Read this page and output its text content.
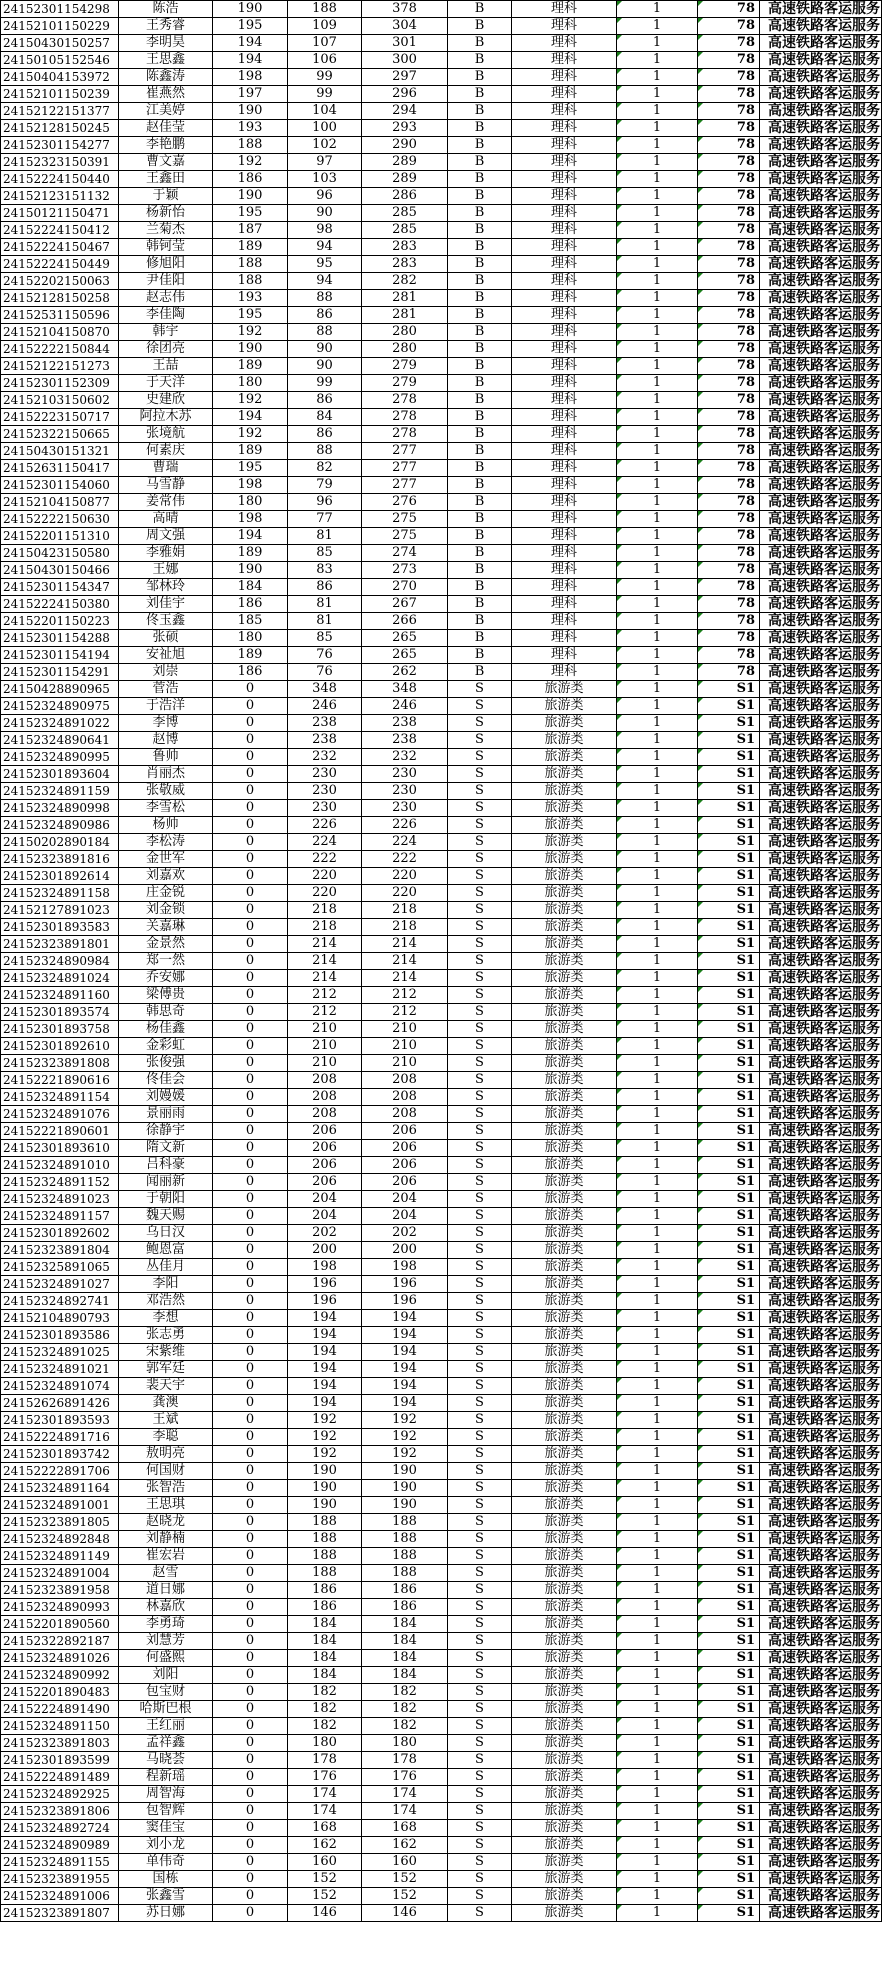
24152301154298	陈浩	190	188	378	B	理科	1	78	高速铁路客运服务
24152101150229	王秀睿	195	109	304	B	理科	1	78	高速铁路客运服务
24150430150257	李明昊	194	107	301	B	理科	1	78	高速铁路客运服务
24150105152546	王思鑫	194	106	300	B	理科	1	78	高速铁路客运服务
24150404153972	陈鑫涛	198	99	297	B	理科	1	78	高速铁路客运服务
24152101150239	崔燕然	197	99	296	B	理科	1	78	高速铁路客运服务
24152122151377	江美婷	190	104	294	B	理科	1	78	高速铁路客运服务
24152128150245	赵佳莹	193	100	293	B	理科	1	78	高速铁路客运服务
24152301154277	李艳鹏	188	102	290	B	理科	1	78	高速铁路客运服务
24152323150391	曹文嘉	192	97	289	B	理科	1	78	高速铁路客运服务
24152224150440	王鑫田	186	103	289	B	理科	1	78	高速铁路客运服务
24152123151132	于颖	190	96	286	B	理科	1	78	高速铁路客运服务
24150121150471	杨新怡	195	90	285	B	理科	1	78	高速铁路客运服务
24152224150412	兰菊杰	187	98	285	B	理科	1	78	高速铁路客运服务
24152224150467	韩钶莹	189	94	283	B	理科	1	78	高速铁路客运服务
24152224150449	修旭阳	188	95	283	B	理科	1	78	高速铁路客运服务
24152202150063	尹佳阳	188	94	282	B	理科	1	78	高速铁路客运服务
24152128150258	赵志伟	193	88	281	B	理科	1	78	高速铁路客运服务
24152531150596	李佳陶	195	86	281	B	理科	1	78	高速铁路客运服务
24152104150870	韩宇	192	88	280	B	理科	1	78	高速铁路客运服务
24152222150844	徐团亮	190	90	280	B	理科	1	78	高速铁路客运服务
24152122151273	王喆	189	90	279	B	理科	1	78	高速铁路客运服务
24152301152309	于天洋	180	99	279	B	理科	1	78	高速铁路客运服务
24152103150602	史建欣	192	86	278	B	理科	1	78	高速铁路客运服务
24152223150717	阿拉木苏	194	84	278	B	理科	1	78	高速铁路客运服务
24152322150665	张境航	192	86	278	B	理科	1	78	高速铁路客运服务
24150430151321	何素庆	189	88	277	B	理科	1	78	高速铁路客运服务
24152631150417	曹瑞	195	82	277	B	理科	1	78	高速铁路客运服务
24152301154060	马雪静	198	79	277	B	理科	1	78	高速铁路客运服务
24152104150877	姜常伟	180	96	276	B	理科	1	78	高速铁路客运服务
24152222150630	高晴	198	77	275	B	理科	1	78	高速铁路客运服务
24152201151310	周文强	194	81	275	B	理科	1	78	高速铁路客运服务
24150423150580	李雅娟	189	85	274	B	理科	1	78	高速铁路客运服务
24150430150466	王娜	190	83	273	B	理科	1	78	高速铁路客运服务
24152301154347	邹林玲	184	86	270	B	理科	1	78	高速铁路客运服务
24152224150380	刘佳宇	186	81	267	B	理科	1	78	高速铁路客运服务
24152201150223	佟玉鑫	185	81	266	B	理科	1	78	高速铁路客运服务
24152301154288	张硕	180	85	265	B	理科	1	78	高速铁路客运服务
24152301154194	安祉旭	189	76	265	B	理科	1	78	高速铁路客运服务
24152301154291	刘崇	186	76	262	B	理科	1	78	高速铁路客运服务
24150428890965	菅浩	0	348	348	S	旅游类	1	S1	高速铁路客运服务
24152324890975	于浩洋	0	246	246	S	旅游类	1	S1	高速铁路客运服务
24152324891022	李博	0	238	238	S	旅游类	1	S1	高速铁路客运服务
24152324890641	赵博	0	238	238	S	旅游类	1	S1	高速铁路客运服务
24152324890995	鲁帅	0	232	232	S	旅游类	1	S1	高速铁路客运服务
24152301893604	肖丽杰	0	230	230	S	旅游类	1	S1	高速铁路客运服务
24152324891159	张敬威	0	230	230	S	旅游类	1	S1	高速铁路客运服务
24152324890998	李雪松	0	230	230	S	旅游类	1	S1	高速铁路客运服务
24152324890986	杨帅	0	226	226	S	旅游类	1	S1	高速铁路客运服务
24150202890184	李松涛	0	224	224	S	旅游类	1	S1	高速铁路客运服务
24152323891816	金世军	0	222	222	S	旅游类	1	S1	高速铁路客运服务
24152301892614	刘嘉欢	0	220	220	S	旅游类	1	S1	高速铁路客运服务
24152324891158	庄金锐	0	220	220	S	旅游类	1	S1	高速铁路客运服务
24152127891023	刘金锁	0	218	218	S	旅游类	1	S1	高速铁路客运服务
24152301893583	关嘉琳	0	218	218	S	旅游类	1	S1	高速铁路客运服务
24152323891801	金景然	0	214	214	S	旅游类	1	S1	高速铁路客运服务
24152324890984	郑一然	0	214	214	S	旅游类	1	S1	高速铁路客运服务
24152324891024	乔安娜	0	214	214	S	旅游类	1	S1	高速铁路客运服务
24152324891160	梁傅贵	0	212	212	S	旅游类	1	S1	高速铁路客运服务
24152301893574	韩思奇	0	212	212	S	旅游类	1	S1	高速铁路客运服务
24152301893758	杨佳鑫	0	210	210	S	旅游类	1	S1	高速铁路客运服务
24152301892610	金彩虹	0	210	210	S	旅游类	1	S1	高速铁路客运服务
24152323891808	张俊强	0	210	210	S	旅游类	1	S1	高速铁路客运服务
24152221890616	佟佳会	0	208	208	S	旅游类	1	S1	高速铁路客运服务
24152324891154	刘嫚媛	0	208	208	S	旅游类	1	S1	高速铁路客运服务
24152324891076	景丽雨	0	208	208	S	旅游类	1	S1	高速铁路客运服务
24152221890601	徐静宇	0	206	206	S	旅游类	1	S1	高速铁路客运服务
24152301893610	隋文新	0	206	206	S	旅游类	1	S1	高速铁路客运服务
24152324891010	吕科豪	0	206	206	S	旅游类	1	S1	高速铁路客运服务
24152324891152	闻丽新	0	206	206	S	旅游类	1	S1	高速铁路客运服务
24152324891023	于朝阳	0	204	204	S	旅游类	1	S1	高速铁路客运服务
24152324891157	魏天赐	0	204	204	S	旅游类	1	S1	高速铁路客运服务
24152301892602	乌日汉	0	202	202	S	旅游类	1	S1	高速铁路客运服务
24152323891804	鲍恩富	0	200	200	S	旅游类	1	S1	高速铁路客运服务
24152325891065	丛佳月	0	198	198	S	旅游类	1	S1	高速铁路客运服务
24152324891027	李阳	0	196	196	S	旅游类	1	S1	高速铁路客运服务
24152324892741	邓浩然	0	196	196	S	旅游类	1	S1	高速铁路客运服务
24152104890793	李想	0	194	194	S	旅游类	1	S1	高速铁路客运服务
24152301893586	张志勇	0	194	194	S	旅游类	1	S1	高速铁路客运服务
24152324891025	宋紫维	0	194	194	S	旅游类	1	S1	高速铁路客运服务
24152324891021	郭军廷	0	194	194	S	旅游类	1	S1	高速铁路客运服务
24152324891074	裴天宇	0	194	194	S	旅游类	1	S1	高速铁路客运服务
24152626891426	龚澳	0	194	194	S	旅游类	1	S1	高速铁路客运服务
24152301893593	王斌	0	192	192	S	旅游类	1	S1	高速铁路客运服务
24152224891716	李聪	0	192	192	S	旅游类	1	S1	高速铁路客运服务
24152301893742	敖明亮	0	192	192	S	旅游类	1	S1	高速铁路客运服务
24152222891706	何国财	0	190	190	S	旅游类	1	S1	高速铁路客运服务
24152324891164	张智浩	0	190	190	S	旅游类	1	S1	高速铁路客运服务
24152324891001	王思琪	0	190	190	S	旅游类	1	S1	高速铁路客运服务
24152323891805	赵晓龙	0	188	188	S	旅游类	1	S1	高速铁路客运服务
24152324892848	刘静楠	0	188	188	S	旅游类	1	S1	高速铁路客运服务
24152324891149	崔宏岩	0	188	188	S	旅游类	1	S1	高速铁路客运服务
24152324891004	赵雪	0	188	188	S	旅游类	1	S1	高速铁路客运服务
24152323891958	道日娜	0	186	186	S	旅游类	1	S1	高速铁路客运服务
24152324890993	林嘉欣	0	186	186	S	旅游类	1	S1	高速铁路客运服务
24152201890560	李勇琦	0	184	184	S	旅游类	1	S1	高速铁路客运服务
24152322892187	刘慧芳	0	184	184	S	旅游类	1	S1	高速铁路客运服务
24152324891026	何盛熙	0	184	184	S	旅游类	1	S1	高速铁路客运服务
24152324890992	刘阳	0	184	184	S	旅游类	1	S1	高速铁路客运服务
24152201890483	包宝财	0	182	182	S	旅游类	1	S1	高速铁路客运服务
24152224891490	哈斯巴根	0	182	182	S	旅游类	1	S1	高速铁路客运服务
24152324891150	王红丽	0	182	182	S	旅游类	1	S1	高速铁路客运服务
24152323891803	孟祥鑫	0	180	180	S	旅游类	1	S1	高速铁路客运服务
24152301893599	马晓荟	0	178	178	S	旅游类	1	S1	高速铁路客运服务
24152224891489	程新瑶	0	176	176	S	旅游类	1	S1	高速铁路客运服务
24152324892925	周智海	0	174	174	S	旅游类	1	S1	高速铁路客运服务
24152323891806	包智辉	0	174	174	S	旅游类	1	S1	高速铁路客运服务
24152324892724	窦佳宝	0	168	168	S	旅游类	1	S1	高速铁路客运服务
24152324890989	刘小龙	0	162	162	S	旅游类	1	S1	高速铁路客运服务
24152324891155	单伟奇	0	160	160	S	旅游类	1	S1	高速铁路客运服务
24152323891955	国栋	0	152	152	S	旅游类	1	S1	高速铁路客运服务
24152324891006	张鑫雪	0	152	152	S	旅游类	1	S1	高速铁路客运服务
24152323891807	苏日娜	0	146	146	S	旅游类	1	S1	高速铁路客运服务
